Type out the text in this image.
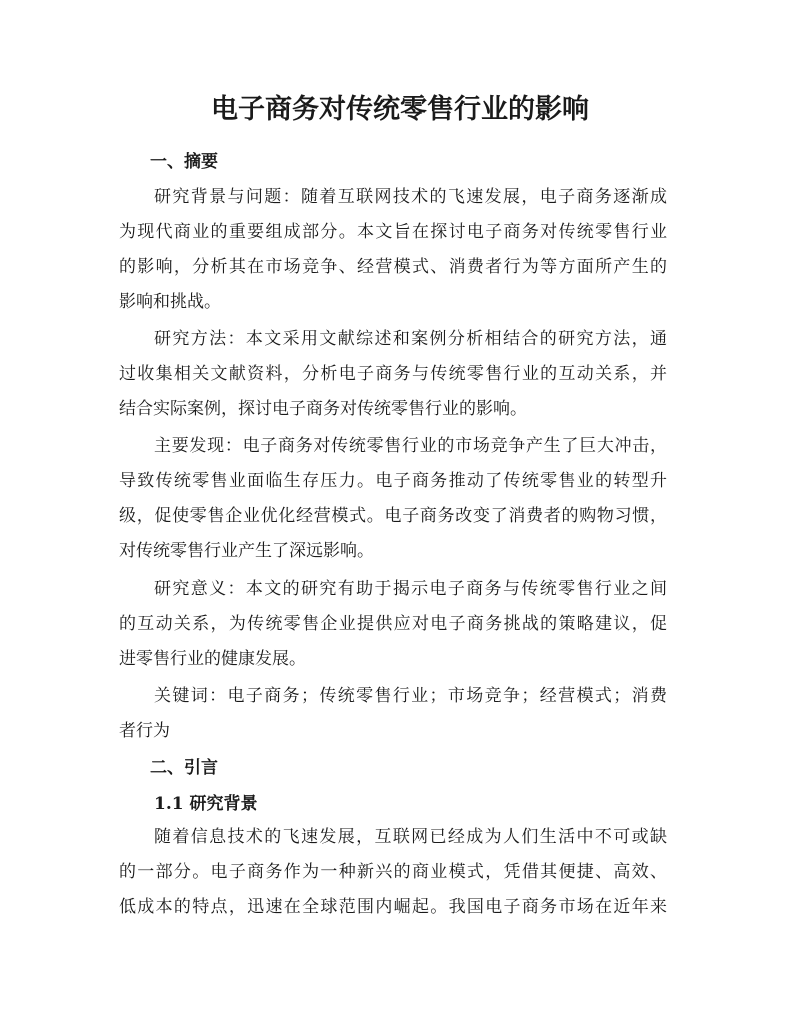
电子商务对传统零售行业的影响
一、摘要

研究背景与问题：随着互联网技术的飞速发展，电子商务逐渐成
为现代商业的重要组成部分。本文旨在探讨电子商务对传统零售行业
的影响，分析其在市场竞争、经营模式、消费者行为等方面所产生的
影响和挑战。

研究方法：本文采用文献综述和案例分析相结合的研究方法，通
过收集相关文献资料，分析电子商务与传统零售行业的互动关系，并
结合实际案例，探讨电子商务对传统零售行业的影响。

主要发现：电子商务对传统零售行业的市场竞争产生了巨大冲击，
导致传统零售业面临生存压力。电子商务推动了传统零售业的转型升
级，促使零售企业优化经营模式。电子商务改变了消费者的购物习惯，
对传统零售行业产生了深远影响。

研究意义：本文的研究有助于揭示电子商务与传统零售行业之间
的互动关系，为传统零售企业提供应对电子商务挑战的策略建议，促
进零售行业的健康发展。

关键词：电子商务；传统零售行业；市场竞争；经营模式；消费
者行为

二、引言
1.1 研究背景

随着信息技术的飞速发展，互联网已经成为人们生活中不可或缺
的一部分。电子商务作为一种新兴的商业模式，凭借其便捷、高效、
低成本的特点，迅速在全球范围内崛起。我国电子商务市场在近年来
